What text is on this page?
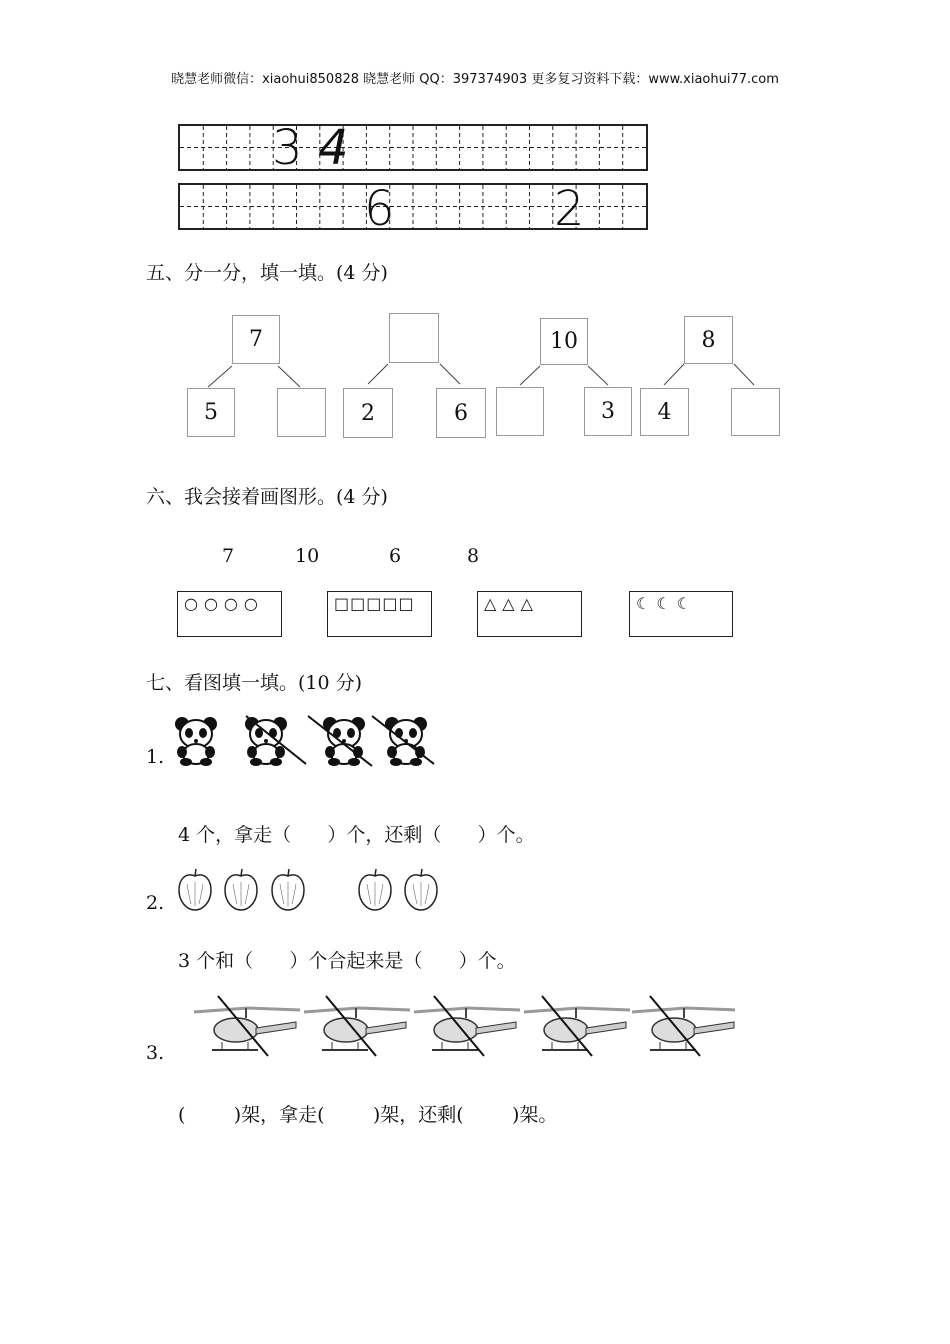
晓慧老师微信：xiaohui850828 晓慧老师 QQ：397374903 更多复习资料下载：www.xiaohui77.com
3 4
6	2
五、分一分，填一填。(4 分)
7
5	2	6
10
3
8
4
六、我会接着画图形。(4 分)
7	10	6	8
○○○○	□□□□□	△△△	☾☾☾
七、看图填一填。(10 分)
1.
4 个，拿走（      ）个，还剩（      ）个。
2.
3 个和（      ）个合起来是（      ）个。
3.
(        )架，拿走(        )架，还剩(        )架。
